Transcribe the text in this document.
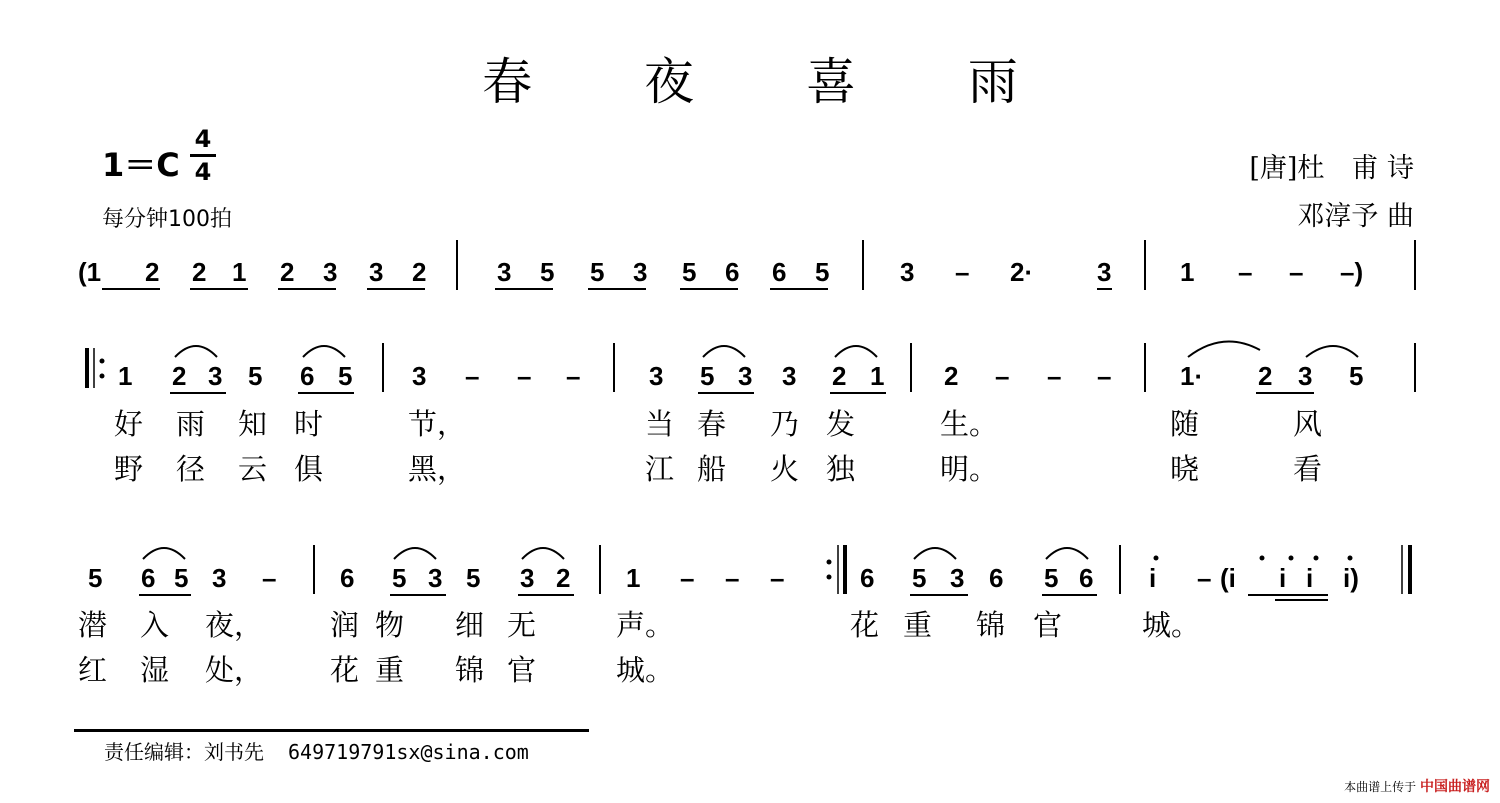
春 夜 喜 雨
$1=C \frac{4}{4}$
每分钟100拍
[唐]杜　甫 诗
邓淳予 曲
(1 2 2 1 2 3 3 2	3 5 5 3 5 6 6 5	3 – 2· 3	1 – – –)
1 2 3 5 6 5 3 – – –	3 5 3 3 2 1 2 – – –	1· 2 3 5
好 雨 知 时	节，	当 春 乃 发	生。	随	风
野 径 云 俱	黑，	江 船 火 独	明。	晓	看
5 6 5 3 – 6 5 3 5 3 2 1 – – –	6 5 3 6 5 6 i – (i i i i)
潜 入 夜， 润 物 细 无	声。	花 重 锦 官	城。
红 湿 处， 花 重 锦 官	城。
责任编辑：刘书先 649719791sx@sina.com
本曲谱上传于 中国曲谱网
